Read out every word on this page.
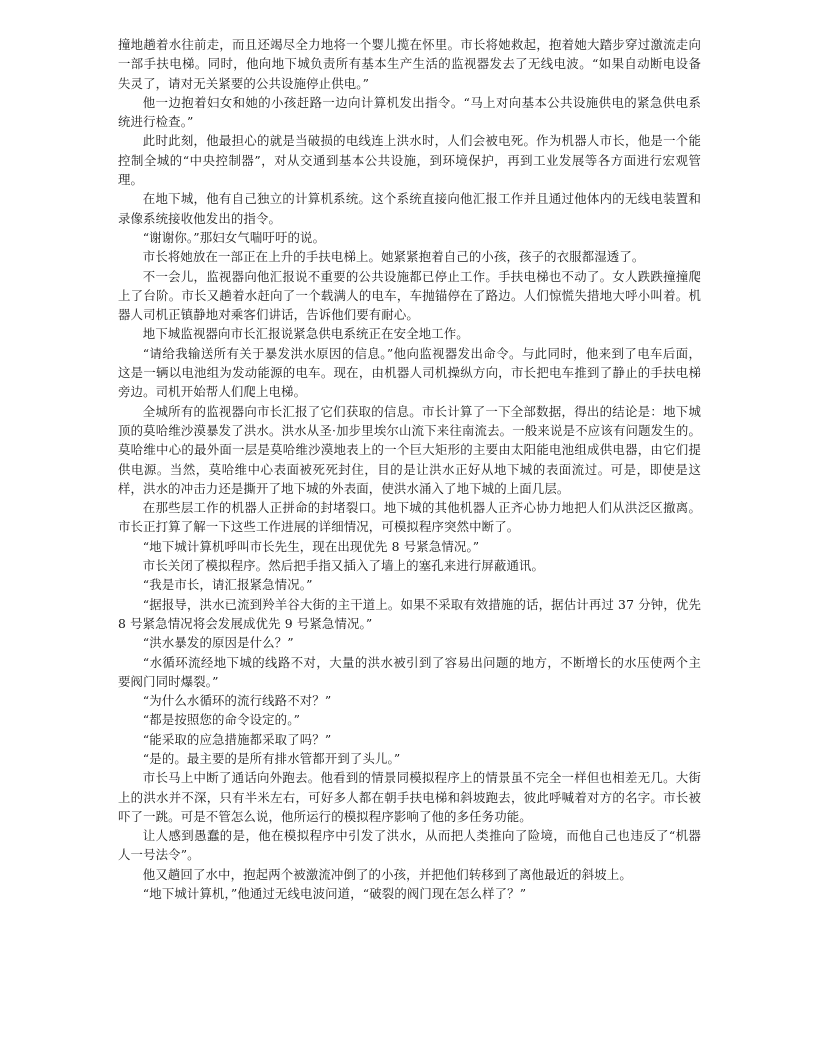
撞地趟着水往前走，而且还竭尽全力地将一个婴儿揽在怀里。市长将她救起，抱着她大踏步穿过激流走向一部手扶电梯。同时，他向地下城负责所有基本生产生活的监视器发去了无线电波。“如果自动断电设备失灵了，请对无关紧要的公共设施停止供电。”

他一边抱着妇女和她的小孩赶路一边向计算机发出指令。“马上对向基本公共设施供电的紧急供电系统进行检查。”

此时此刻，他最担心的就是当破损的电线连上洪水时，人们会被电死。作为机器人市长，他是一个能控制全城的“中央控制器”，对从交通到基本公共设施，到环境保护，再到工业发展等各方面进行宏观管理。

在地下城，他有自己独立的计算机系统。这个系统直接向他汇报工作并且通过他体内的无线电装置和录像系统接收他发出的指令。

“谢谢你。”那妇女气喘吁吁的说。

市长将她放在一部正在上升的手扶电梯上。她紧紧抱着自己的小孩，孩子的衣服都湿透了。

不一会儿，监视器向他汇报说不重要的公共设施都已停止工作。手扶电梯也不动了。女人跌跌撞撞爬上了台阶。市长又趟着水赶向了一个载满人的电车，车抛锚停在了路边。人们惊慌失措地大呼小叫着。机器人司机正镇静地对乘客们讲话，告诉他们要有耐心。

地下城监视器向市长汇报说紧急供电系统正在安全地工作。

“请给我输送所有关于暴发洪水原因的信息。”他向监视器发出命令。与此同时，他来到了电车后面，这是一辆以电池组为发动能源的电车。现在，由机器人司机操纵方向，市长把电车推到了静止的手扶电梯旁边。司机开始帮人们爬上电梯。

全城所有的监视器向市长汇报了它们获取的信息。市长计算了一下全部数据，得出的结论是：地下城顶的莫哈维沙漠暴发了洪水。洪水从圣·加步里埃尔山流下来往南流去。一般来说是不应该有问题发生的。莫哈维中心的最外面一层是莫哈维沙漠地表上的一个巨大矩形的主要由太阳能电池组成供电器，由它们提供电源。当然，莫哈维中心表面被死死封住，目的是让洪水正好从地下城的表面流过。可是，即使是这样，洪水的冲击力还是撕开了地下城的外表面，使洪水涌入了地下城的上面几层。

在那些层工作的机器人正拼命的封堵裂口。地下城的其他机器人正齐心协力地把人们从洪泛区撤离。市长正打算了解一下这些工作进展的详细情况，可模拟程序突然中断了。

“地下城计算机呼叫市长先生，现在出现优先 8 号紧急情况。”

市长关闭了模拟程序。然后把手指又插入了墙上的塞孔来进行屏蔽通讯。

“我是市长，请汇报紧急情况。”

“据报导，洪水已流到羚羊谷大街的主干道上。如果不采取有效措施的话，据估计再过 37 分钟，优先 8 号紧急情况将会发展成优先 9 号紧急情况。”

“洪水暴发的原因是什么？”

“水循环流经地下城的线路不对，大量的洪水被引到了容易出问题的地方，不断增长的水压使两个主要阀门同时爆裂。”

“为什么水循环的流行线路不对？”

“都是按照您的命令设定的。”

“能采取的应急措施都采取了吗？”

“是的。最主要的是所有排水管都开到了头儿。”

市长马上中断了通话向外跑去。他看到的情景同模拟程序上的情景虽不完全一样但也相差无几。大街上的洪水并不深，只有半米左右，可好多人都在朝手扶电梯和斜坡跑去，彼此呼喊着对方的名字。市长被吓了一跳。可是不管怎么说，他所运行的模拟程序影响了他的多任务功能。

让人感到愚蠢的是，他在模拟程序中引发了洪水，从而把人类推向了险境，而他自己也违反了“机器人一号法令”。

他又趟回了水中，抱起两个被激流冲倒了的小孩，并把他们转移到了离他最近的斜坡上。

“地下城计算机，”他通过无线电波问道，“破裂的阀门现在怎么样了？”
